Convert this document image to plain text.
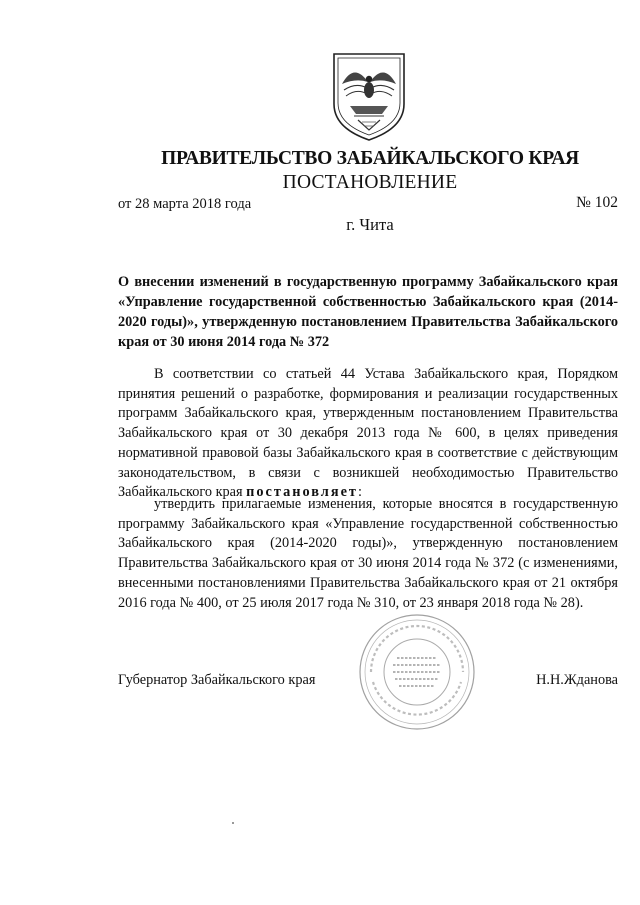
ПРАВИТЕЛЬСТВО ЗАБАЙКАЛЬСКОГО КРАЯ
ПОСТАНОВЛЕНИЕ
от 28 марта 2018 года	№ 102
г. Чита
О внесении изменений в государственную программу Забайкальского края «Управление государственной собственностью Забайкальского края (2014-2020 годы)», утвержденную постановлением Правительства Забайкальского края от 30 июня 2014 года № 372

В соответствии со статьей 44 Устава Забайкальского края, Порядком принятия решений о разработке, формирования и реализации государственных программ Забайкальского края, утвержденным постановлением Правительства Забайкальского края от 30 декабря 2013 года № 600, в целях приведения нормативной правовой базы Забайкальского края в соответствие с действующим законодательством, в связи с возникшей необходимостью Правительство Забайкальского края постановляет:

утвердить прилагаемые изменения, которые вносятся в государственную программу Забайкальского края «Управление государственной собственностью Забайкальского края (2014-2020 годы)», утвержденную постановлением Правительства Забайкальского края от 30 июня 2014 года № 372 (с изменениями, внесенными постановлениями Правительства Забайкальского края от 21 октября 2016 года № 400, от 25 июля 2017 года № 310, от 23 января 2018 года № 28).

Губернатор Забайкальского края	Н.Н.Жданова
